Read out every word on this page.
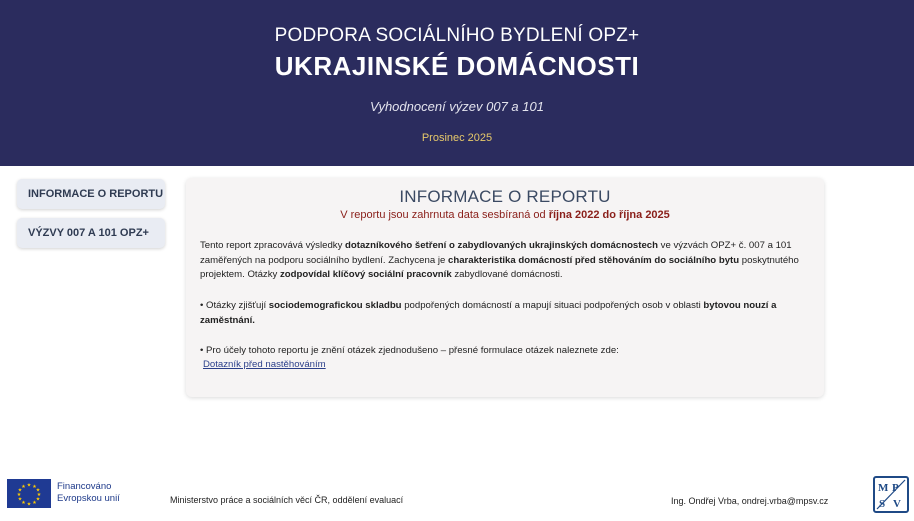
PODPORA SOCIÁLNÍHO BYDLENÍ OPZ+
UKRAJINSKÉ DOMÁCNOSTI
Vyhodnocení výzev 007 a 101
Prosinec 2025
INFORMACE O REPORTU
VÝZVY 007 A 101 OPZ+
INFORMACE O REPORTU
V reportu jsou zahrnuta data sesbíraná od října 2022 do října 2025
Tento report zpracovává výsledky dotazníkového šetření o zabydlovaných ukrajinských domácnostech ve výzvách OPZ+ č. 007 a 101 zaměřených na podporu sociálního bydlení. Zachycena je charakteristika domácností před stěhováním do sociálního bytu poskytnutého projektem. Otázky zodpovídal klíčový sociální pracovník zabydlované domácnosti.
• Otázky zjišťují sociodemografickou skladbu podpořených domácností a mapují situaci podpořených osob v oblasti bytovou nouzí a zaměstnání.
• Pro účely tohoto reportu je znění otázek zjednodušeno – přesné formulace otázek naleznete zde:
Dotazník před nastěhováním
★ ★
★
★
★
★
★
★
★
★
★
★	Financováno
Evropskou unií	Ministerstvo práce a sociálních věcí ČR, oddělení evaluací	Ing. Ondřej Vrba, ondrej.vrba@mpsv.cz
M P
S V
